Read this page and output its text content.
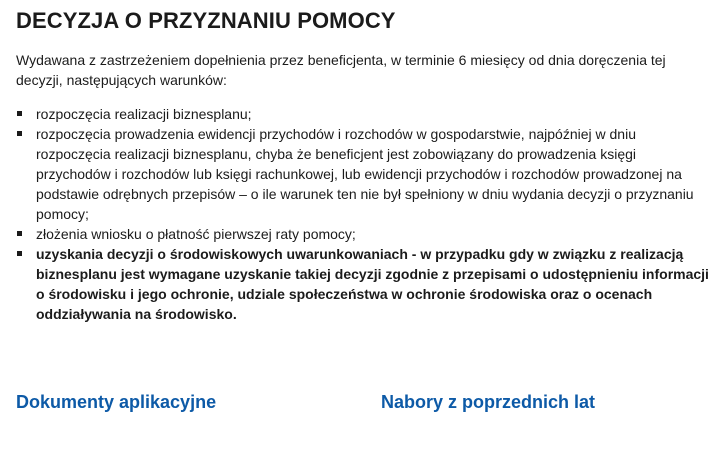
DECYZJA O PRZYZNANIU POMOCY

Wydawana z zastrzeżeniem dopełnienia przez beneficjenta, w terminie 6 miesięcy od dnia doręczenia tej decyzji, następujących warunków:

rozpoczęcia realizacji biznesplanu;
rozpoczęcia prowadzenia ewidencji przychodów i rozchodów w gospodarstwie, najpóźniej w dniu rozpoczęcia realizacji biznesplanu, chyba że beneficjent jest zobowiązany do prowadzenia księgi przychodów i rozchodów lub księgi rachunkowej, lub ewidencji przychodów i rozchodów prowadzonej na podstawie odrębnych przepisów – o ile warunek ten nie był spełniony w dniu wydania decyzji o przyznaniu pomocy;
złożenia wniosku o płatność pierwszej raty pomocy;
uzyskania decyzji o środowiskowych uwarunkowaniach - w przypadku gdy w związku z realizacją biznesplanu jest wymagane uzyskanie takiej decyzji zgodnie z przepisami o udostępnieniu informacji o środowisku i jego ochronie, udziale społeczeństwa w ochronie środowiska oraz o ocenach oddziaływania na środowisko.
Dokumenty aplikacyjne	Nabory z poprzednich lat
